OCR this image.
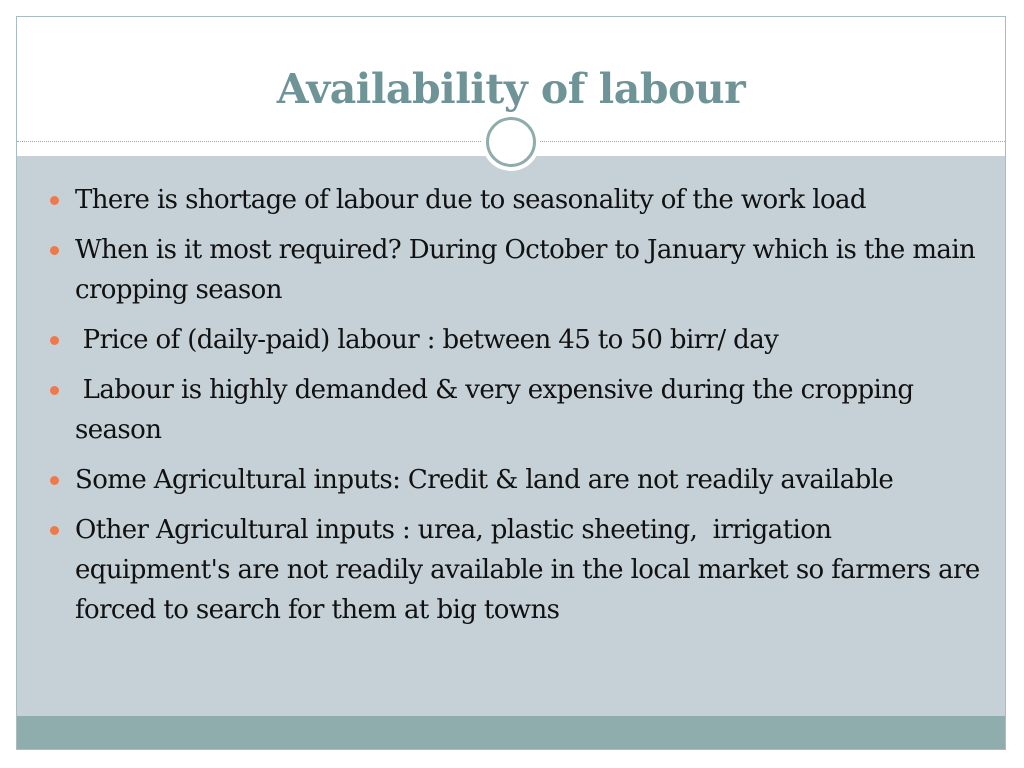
Availability of labour
There is shortage of labour due to seasonality of the work load
When is it most required? During October to January which is the main cropping season
Price of (daily-paid) labour : between 45 to 50 birr/ day
Labour is highly demanded & very expensive during the cropping season
Some Agricultural inputs: Credit & land are not readily available
Other Agricultural inputs : urea, plastic sheeting,  irrigation equipment's are not readily available in the local market so farmers are forced to search for them at big towns
